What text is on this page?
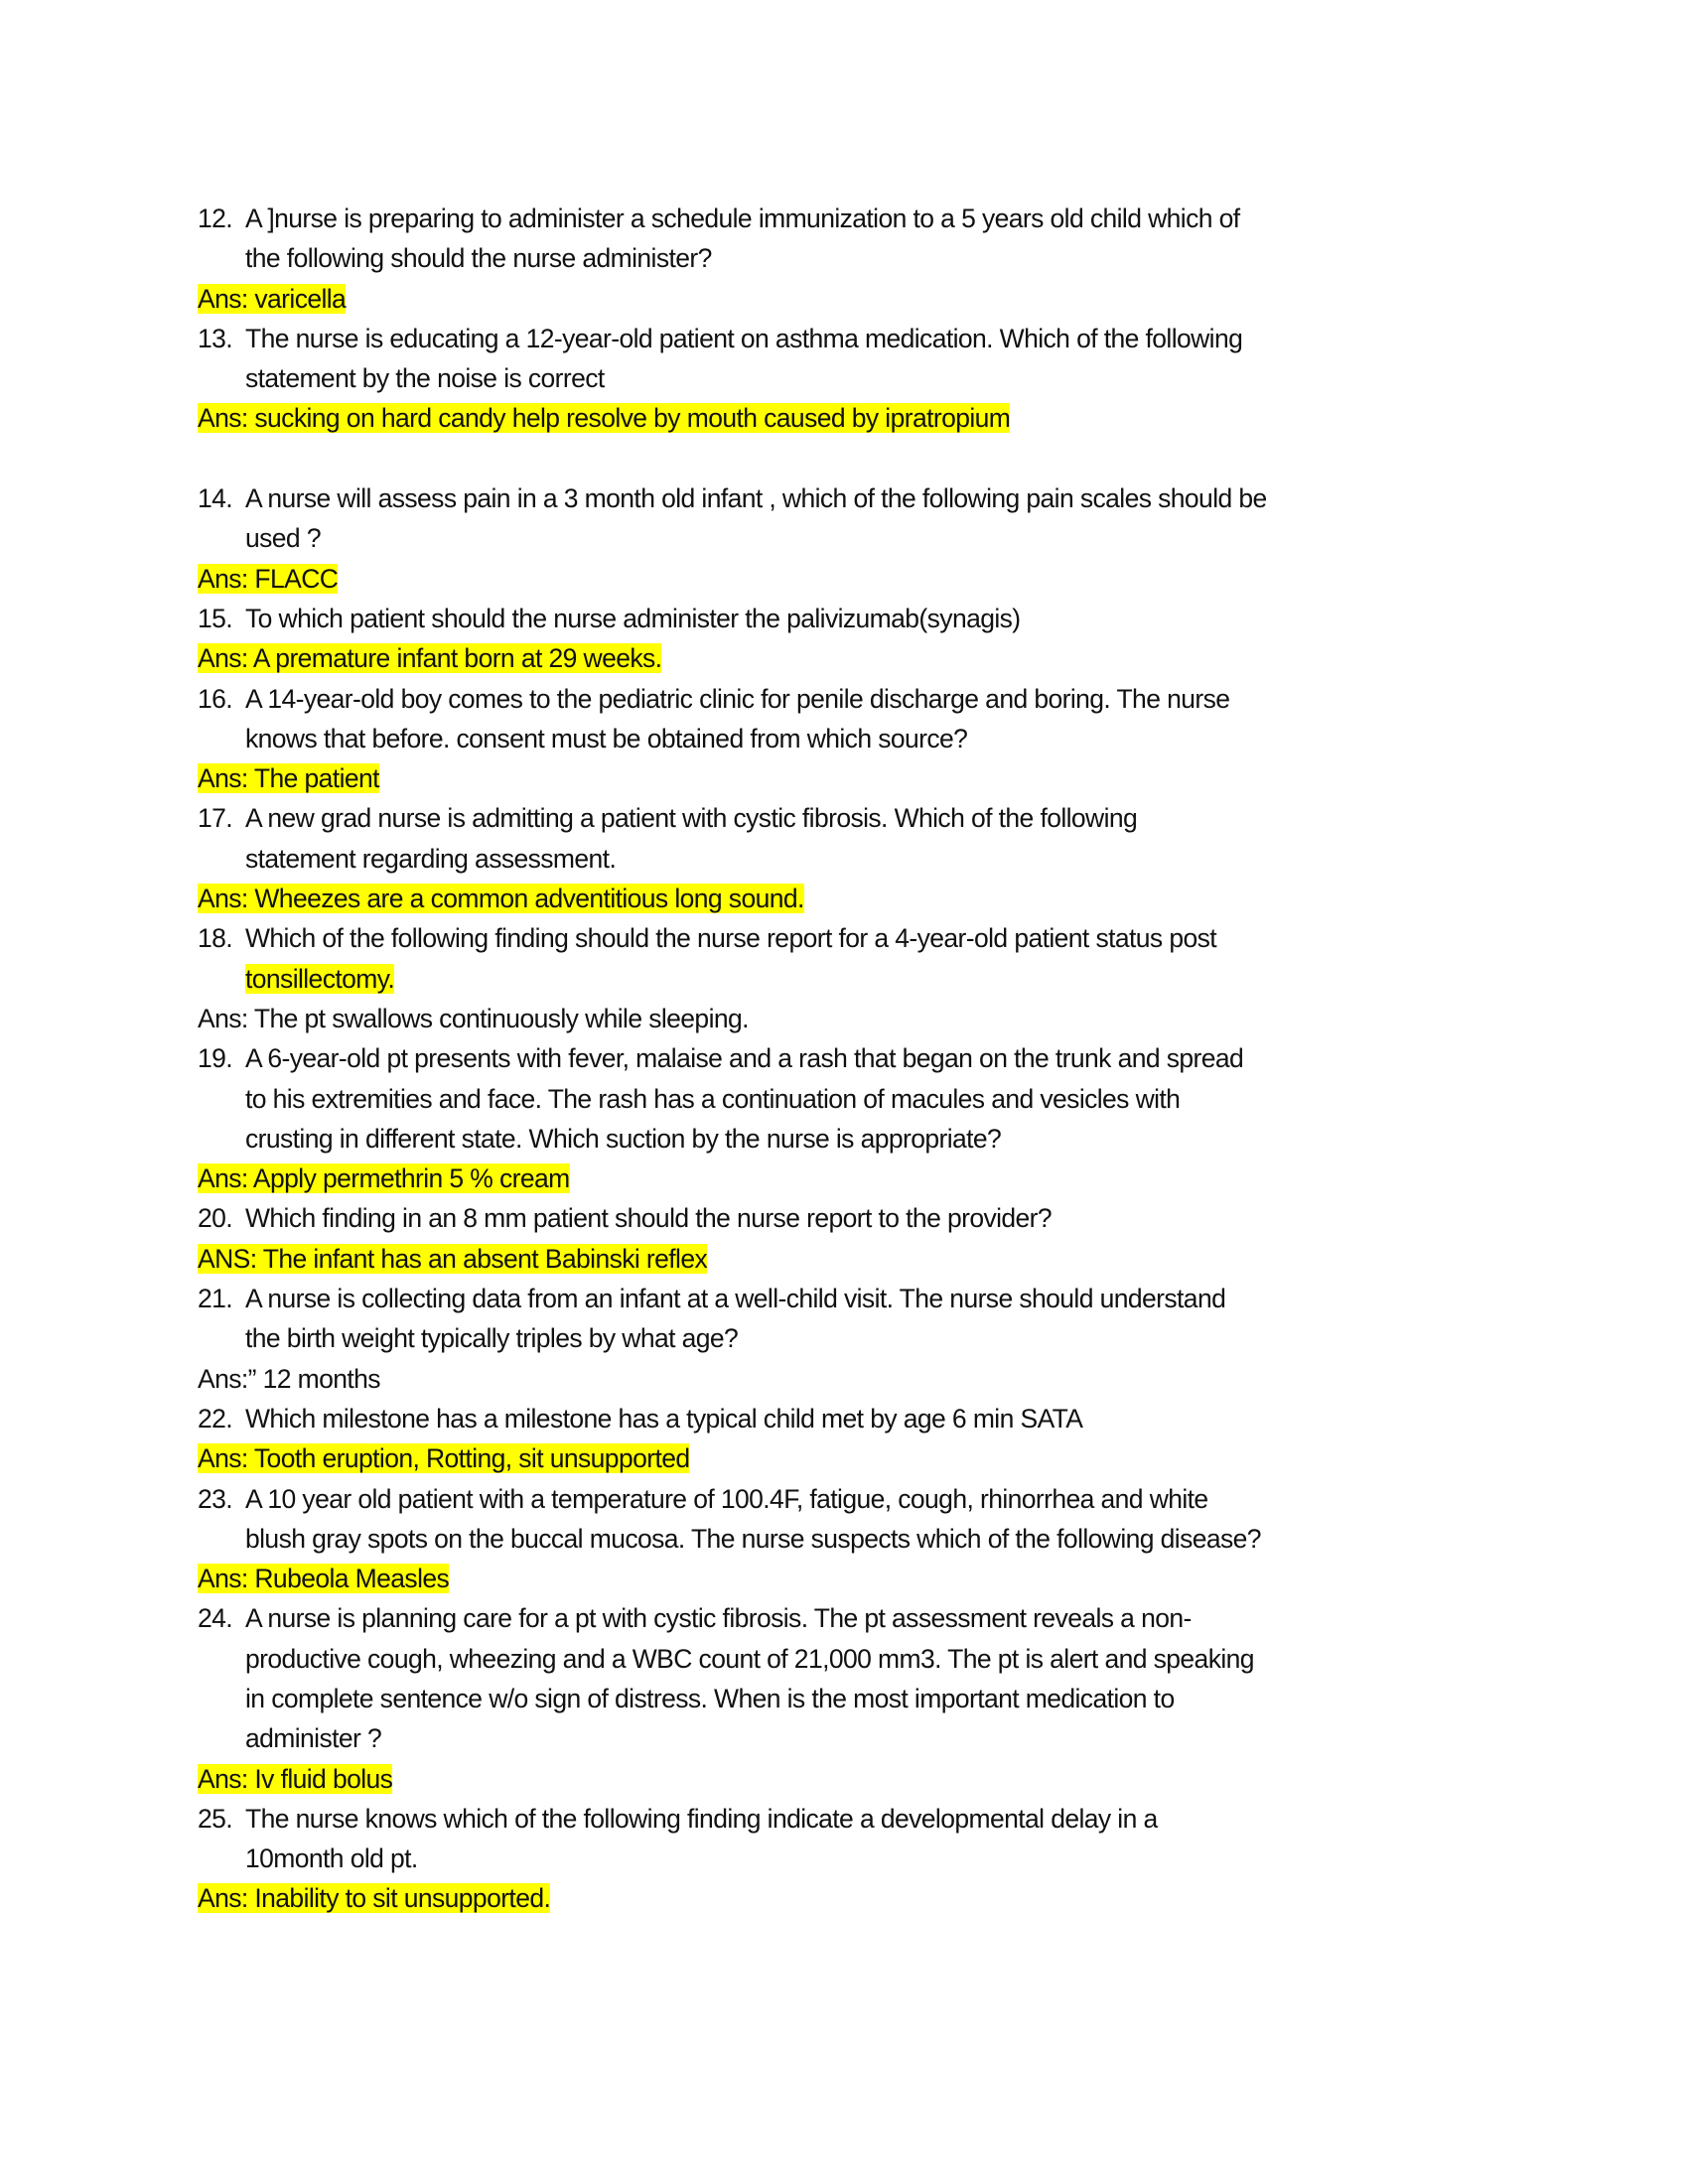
12. A ]nurse is preparing to administer a schedule immunization to a 5 years old child which of
the following should the nurse administer?
Ans: varicella
13. The nurse is educating a 12-year-old patient on asthma medication. Which of the following
statement by the noise is correct
Ans: sucking on hard candy help resolve by mouth caused by ipratropium
14. A nurse will assess pain in a 3 month old infant , which of the following pain scales should be
used ?
Ans: FLACC
15. To which patient should the nurse administer the palivizumab(synagis)
Ans: A premature infant born at 29 weeks.
16. A 14-year-old boy comes to the pediatric clinic for penile discharge and boring. The nurse
knows that before. consent must be obtained from which source?
Ans: The patient
17. A new grad nurse is admitting a patient with cystic fibrosis. Which of the following
statement regarding assessment.
Ans: Wheezes are a common adventitious long sound.
18. Which of the following finding should the nurse report for a 4-year-old patient status post
tonsillectomy.
Ans: The pt swallows continuously while sleeping.
19. A 6-year-old pt presents with fever, malaise and a rash that began on the trunk and spread
to his extremities and face. The rash has a continuation of macules and vesicles with
crusting in different state. Which suction by the nurse is appropriate?
Ans: Apply permethrin 5 % cream
20. Which finding in an 8 mm patient should the nurse report to the provider?
ANS: The infant has an absent Babinski reflex
21. A nurse is collecting data from an infant at a well-child visit. The nurse should understand
the birth weight typically triples by what age?
Ans:” 12 months
22. Which milestone has a milestone has a typical child met by age 6 min SATA
Ans: Tooth eruption, Rotting, sit unsupported
23. A 10 year old patient with a temperature of 100.4F, fatigue, cough, rhinorrhea and white
blush gray spots on the buccal mucosa. The nurse suspects which of the following disease?
Ans: Rubeola Measles
24. A nurse is planning care for a pt with cystic fibrosis. The pt assessment reveals a non-
productive cough, wheezing and a WBC count of 21,000 mm3. The pt is alert and speaking
in complete sentence w/o sign of distress. When is the most important medication to
administer ?
Ans: Iv fluid bolus
25. The nurse knows which of the following finding indicate a developmental delay in a
10month old pt.
Ans: Inability to sit unsupported.
